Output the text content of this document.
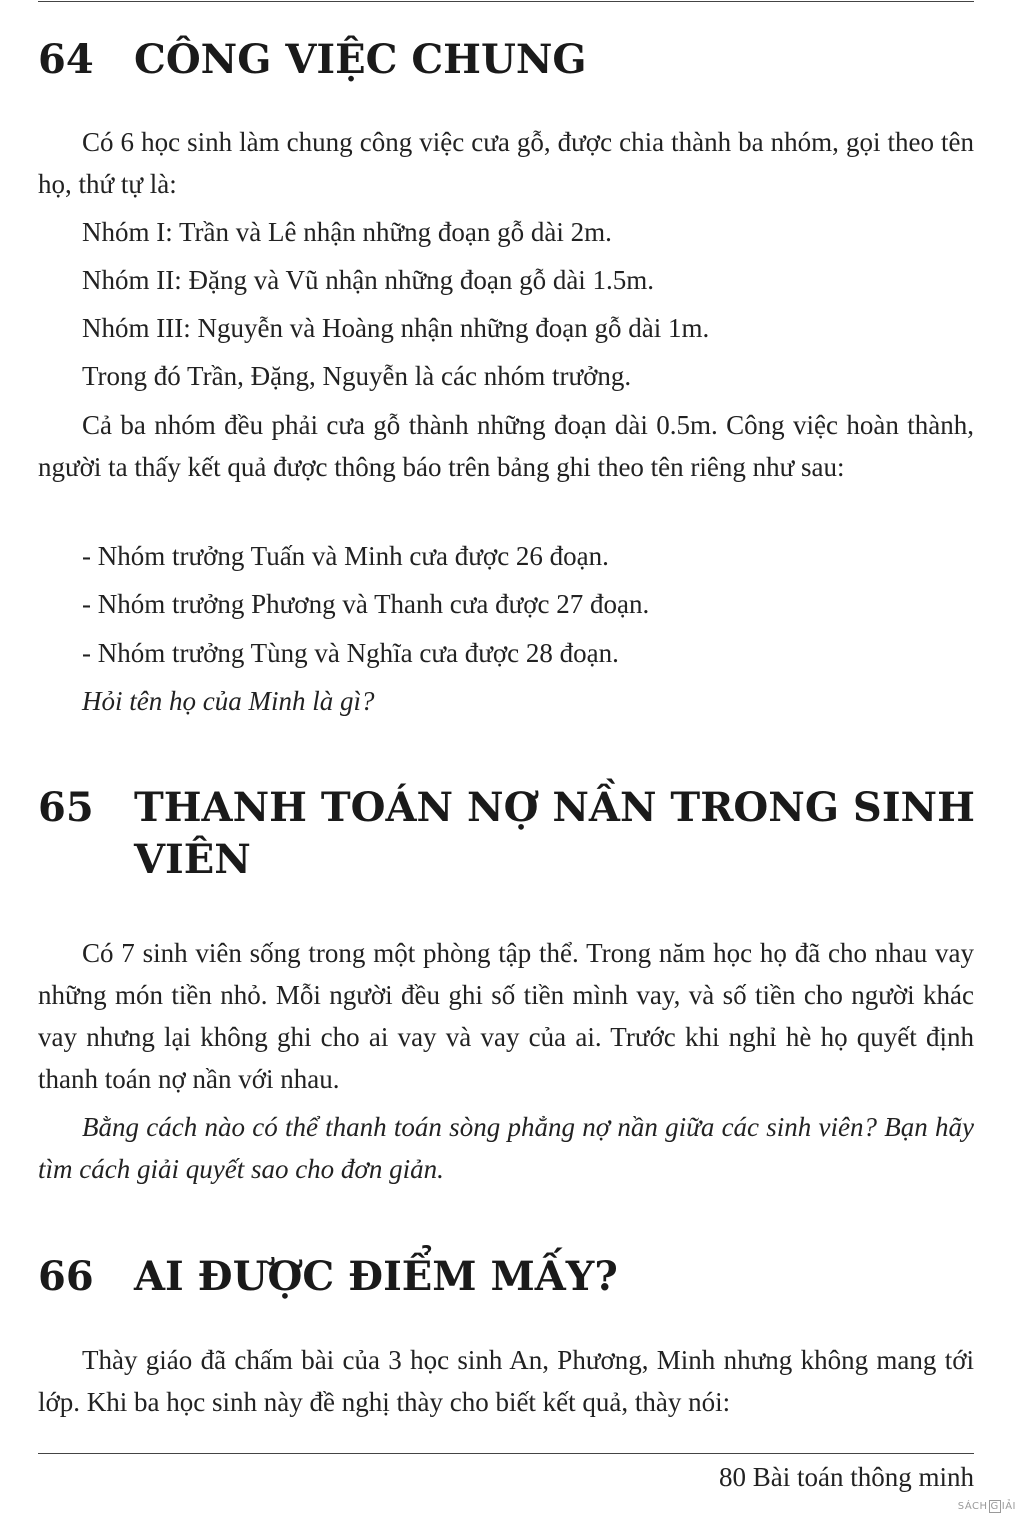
64	CÔNG VIỆC CHUNG

Có 6 học sinh làm chung công việc cưa gỗ, được chia thành ba nhóm, gọi theo tên họ, thứ tự là:

Nhóm I: Trần và Lê nhận những đoạn gỗ dài 2m.

Nhóm II: Đặng và Vũ nhận những đoạn gỗ dài 1.5m.

Nhóm III: Nguyễn và Hoàng nhận những đoạn gỗ dài 1m.

Trong đó Trần, Đặng, Nguyễn là các nhóm trưởng.

Cả ba nhóm đều phải cưa gỗ thành những đoạn dài 0.5m. Công việc hoàn thành, người ta thấy kết quả được thông báo trên bảng ghi theo tên riêng như sau:

- Nhóm trưởng Tuấn và Minh cưa được 26 đoạn.

- Nhóm trưởng Phương và Thanh cưa được 27 đoạn.

- Nhóm trưởng Tùng và Nghĩa cưa được 28 đoạn.

Hỏi tên họ của Minh là gì?

65	THANH TOÁN NỢ NẦN TRONG SINH VIÊN

Có 7 sinh viên sống trong một phòng tập thể. Trong năm học họ đã cho nhau vay những món tiền nhỏ. Mỗi người đều ghi số tiền mình vay, và số tiền cho người khác vay nhưng lại không ghi cho ai vay và vay của ai. Trước khi nghỉ hè họ quyết định thanh toán nợ nần với nhau.

Bằng cách nào có thể thanh toán sòng phẳng nợ nần giữa các sinh viên? Bạn hãy tìm cách giải quyết sao cho đơn giản.

66	AI ĐƯỢC ĐIỂM MẤY?

Thày giáo đã chấm bài của 3 học sinh An, Phương, Minh nhưng không mang tới lớp. Khi ba học sinh này đề nghị thày cho biết kết quả, thày nói:

80 Bài toán thông minh
SÁCH G IẢI
